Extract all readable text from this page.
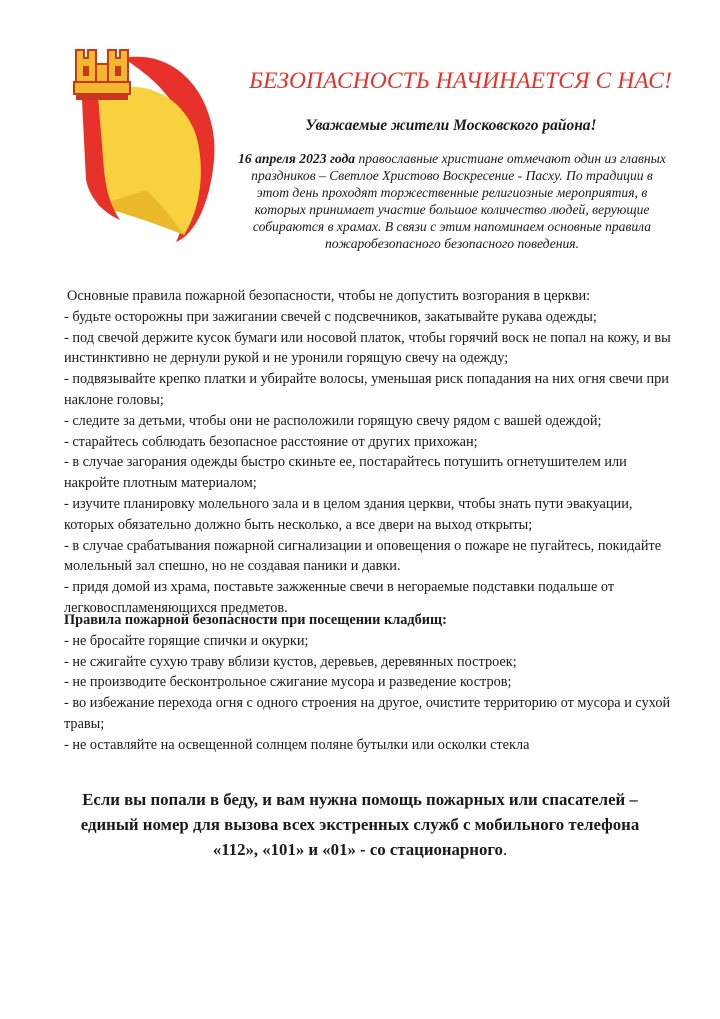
БЕЗОПАСНОСТЬ НАЧИНАЕТСЯ С НАС!

Уважаемые жители Московского района!

16 апреля 2023 года православные христиане отмечают один из главных праздников – Светлое Христово Воскресение - Пасху. По традиции в этот день проходят торжественные религиозные мероприятия, в которых принимает участие большое количество людей, верующие собираются в храмах. В связи с этим напоминаем основные правила пожаробезопасного безопасного поведения.

Основные правила пожарной безопасности, чтобы не допустить возгорания в церкви:

- будьте осторожны при зажигании свечей с подсвечников, закатывайте рукава одежды;

- под свечой держите кусок бумаги или носовой платок, чтобы горячий воск не попал на кожу, и вы инстинктивно не дернули рукой и не уронили горящую свечу на одежду;

- подвязывайте крепко платки и убирайте волосы, уменьшая риск попадания на них огня свечи при наклоне головы;

- следите за детьми, чтобы они не расположили горящую свечу рядом с вашей одеждой;

- старайтесь соблюдать безопасное расстояние от других прихожан;

- в случае загорания одежды быстро скиньте ее, постарайтесь потушить огнетушителем или накройте плотным материалом;

- изучите планировку молельного зала и в целом здания церкви, чтобы знать пути эвакуации, которых обязательно должно быть несколько, а все двери на выход открыты;

- в случае срабатывания пожарной сигнализации и оповещения о пожаре не пугайтесь, покидайте молельный зал спешно, но не создавая паники и давки.

- придя домой из храма, поставьте зажженные свечи в негораемые подставки подальше от легковоспламеняющихся предметов.

Правила пожарной безопасности при посещении кладбищ:

- не бросайте горящие спички и окурки;

- не сжигайте сухую траву вблизи кустов, деревьев, деревянных построек;

- не производите бесконтрольное сжигание мусора и разведение костров;

- во избежание перехода огня с одного строения на другое, очистите территорию от мусора и сухой травы;

- не оставляйте на освещенной солнцем поляне бутылки или осколки стекла

Если вы попали в беду, и вам нужна помощь пожарных или спасателей – единый номер для вызова всех экстренных служб с мобильного телефона «112», «101» и «01» - со стационарного.
